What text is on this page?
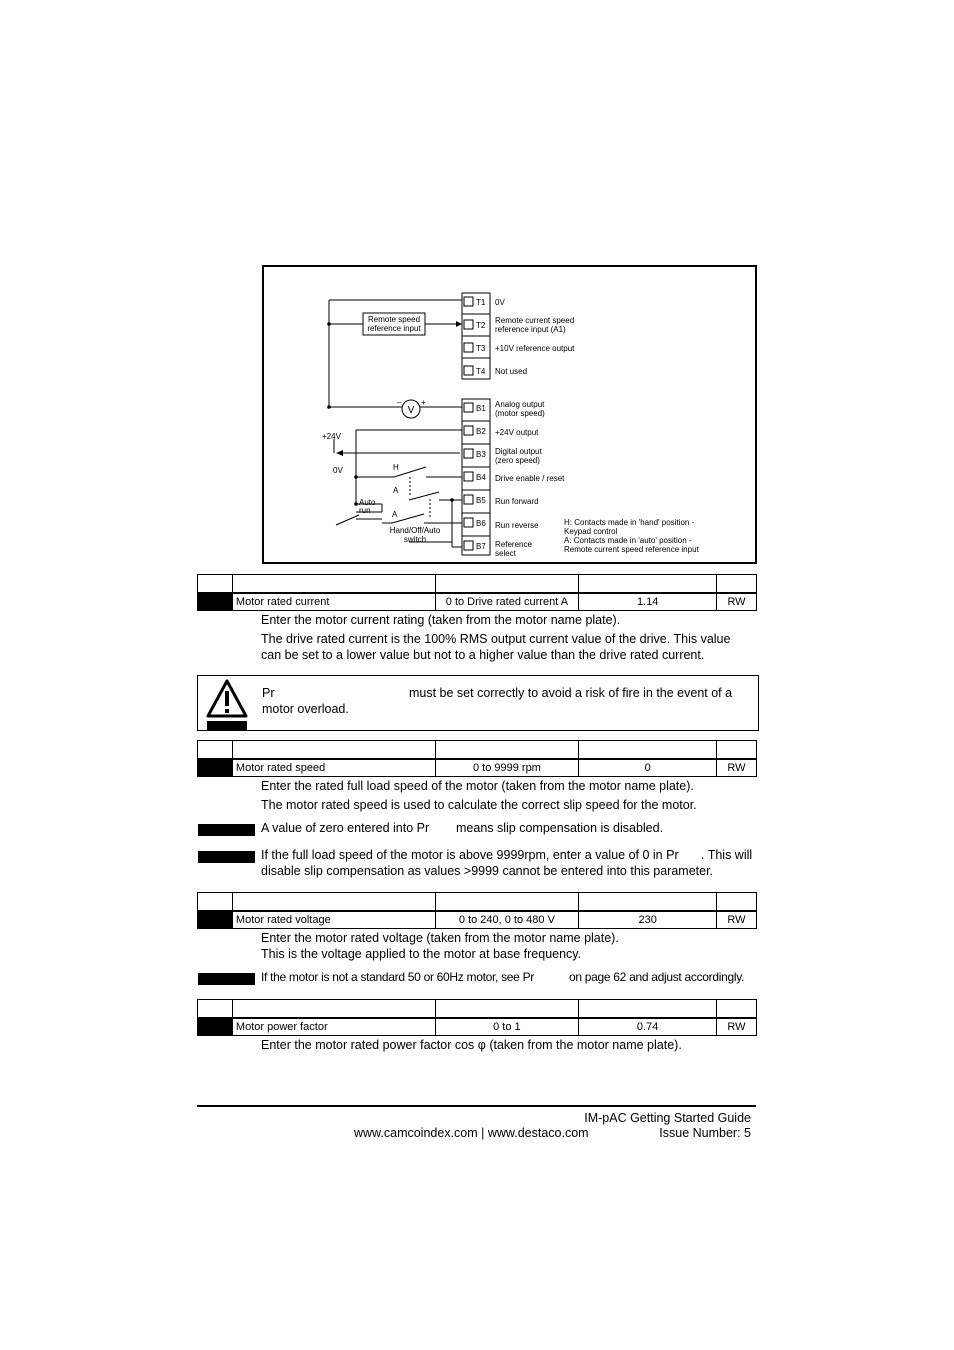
Remote speed
reference input
V
– +
+24V
0V	H
A
A
Auto
run
Hand/Off/Auto
switch
T1
T2
T3
T4
B1
B2
B3
B4
B5
B6
B7
0V
Remote current speed
reference input (A1)
+10V reference output
Not used
Analog output
(motor speed)
+24V output
Digital output
(zero speed)
Drive enable / reset
Run forward
Run reverse
Reference
select
H: Contacts made in 'hand' position -
Keypad control
A: Contacts made in 'auto' position -
Remote current speed reference input

	Motor rated current	0 to Drive rated current A	1.14	RW
Enter the motor current rating (taken from the motor name plate).
The drive rated current is the 100% RMS output current value of the drive. This value
can be set to a lower value but not to a higher value than the drive rated current.
Pr	must be set correctly to avoid a risk of fire in the event of a
motor overload.

	Motor rated speed	0 to 9999 rpm	0	RW
Enter the rated full load speed of the motor (taken from the motor name plate).
The motor rated speed is used to calculate the correct slip speed for the motor.
A value of zero entered into Pr	means slip compensation is disabled.
If the full load speed of the motor is above 9999rpm, enter a value of 0 in Pr	. This will
disable slip compensation as values >9999 cannot be entered into this parameter.

	Motor rated voltage	0 to 240, 0 to 480 V	230	RW
Enter the motor rated voltage (taken from the motor name plate).
This is the voltage applied to the motor at base frequency.
If the motor is not a standard 50 or 60Hz motor, see Pr	on page 62 and adjust accordingly.

	Motor power factor	0 to 1	0.74	RW
Enter the motor rated power factor cos φ (taken from the motor name plate).
IM-pAC Getting Started Guide
www.camcoindex.com | www.destaco.com	Issue Number: 5
